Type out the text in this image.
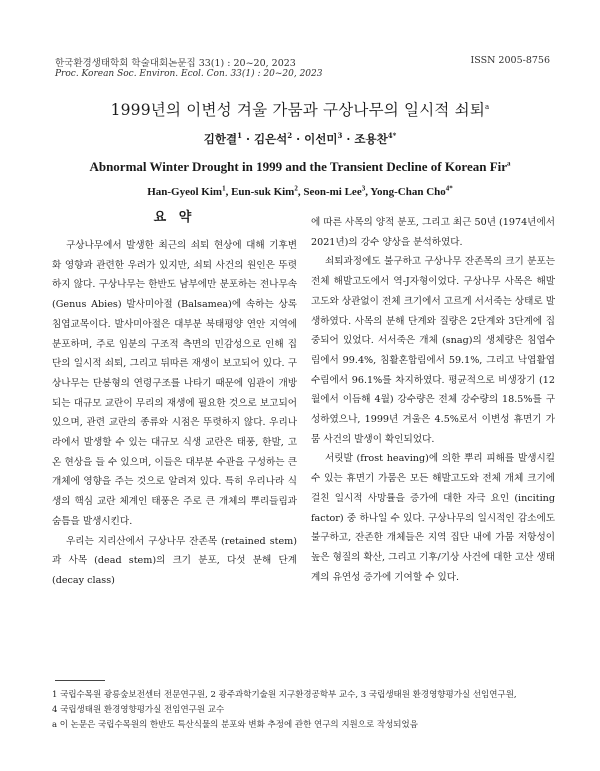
한국환경생태학회 학술대회논문집 33(1) : 20~20, 2023
Proc. Korean Soc. Environ. Ecol. Con. 33(1) : 20~20, 2023
ISSN 2005-8756
1999년의 이변성 겨울 가뭄과 구상나무의 일시적 쇠퇴$^a$
김한결$^1$ · 김은석$^2$ · 이선미$^3$ · 조용찬$^{4*}$
Abnormal Winter Drought in 1999 and the Transient Decline of Korean Fir$^a$
Han-Gyeol Kim$^1$, Eun-suk Kim$^2$, Seon-mi Lee$^3$, Yong-Chan Cho$^{4*}$
요 약

구상나무에서 발생한 최근의 쇠퇴 현상에 대해 기후변화 영향과 관련한 우려가 있지만, 쇠퇴 사건의 원인은 뚜렷하지 않다. 구상나무는 한반도 남부에만 분포하는 전나무속 (Genus Abies) 발사미아절 (Balsamea)에 속하는 상록침엽교목이다. 발사미아절은 대부분 북태평양 연안 지역에 분포하며, 주로 임분의 구조적 측면의 민감성으로 인해 집단의 일시적 쇠퇴, 그리고 뒤따른 재생이 보고되어 있다. 구상나무는 단봉형의 연령구조를 나타기 때문에 임관이 개방되는 대규모 교란이 무리의 재생에 필요한 것으로 보고되어 있으며, 관련 교란의 종류와 시점은 뚜렷하지 않다. 우리나라에서 발생할 수 있는 대규모 식생 교란은 태풍, 한발, 고온 현상을 들 수 있으며, 이들은 대부분 수관을 구성하는 큰 개체에 영향을 주는 것으로 알려져 있다. 특히 우리나라 식생의 핵심 교란 체계인 태풍은 주로 큰 개체의 뿌리들림과 숨틈을 발생시킨다.

우리는 지리산에서 구상나무 잔존목 (retained stem)과 사목 (dead stem)의 크기 분포, 다섯 분해 단계 (decay class)

에 따른 사목의 양적 분포, 그리고 최근 50년 (1974년에서 2021년)의 강수 양상을 분석하였다.

쇠퇴과정에도 불구하고 구상나무 잔존목의 크기 분포는 전체 해발고도에서 역-J자형이었다. 구상나무 사목은 해발고도와 상관없이 전체 크기에서 고르게 서서죽는 상태로 발생하였다. 사목의 분해 단계와 질량은 2단계와 3단계에 집중되어 있었다. 서서죽은 개체 (snag)의 생체량은 침엽수림에서 99.4%, 침활혼합림에서 59.1%, 그리고 낙엽활엽수림에서 96.1%를 차지하였다. 평균적으로 비생장기 (12월에서 이듬해 4월) 강수량은 전체 강수량의 18.5%를 구성하였으나, 1999년 겨울은 4.5%로서 이변성 휴면기 가뭄 사건의 발생이 확인되었다.

서릿발 (frost heaving)에 의한 뿌리 피해를 발생시킬 수 있는 휴면기 가뭄은 모든 해발고도와 전체 개체 크기에 걸친 일시적 사망률을 증가에 대한 자극 요인 (inciting factor) 중 하나일 수 있다. 구상나무의 일시적인 감소에도 불구하고, 잔존한 개체들은 지역 집단 내에 가뭄 저항성이 높은 형질의 확산, 그리고 기후/기상 사건에 대한 고산 생태계의 유연성 증가에 기여할 수 있다.

1 국립수목원 광릉숲보전센터 전문연구원, 2 광주과학기술원 지구환경공학부 교수, 3 국립생태원 환경영향평가실 선임연구원,
4 국립생태원 환경영향평가실 전임연구원 교수
a 이 논문은 국립수목원의 한반도 특산식물의 분포와 변화 추정에 관한 연구의 지원으로 작성되었음
